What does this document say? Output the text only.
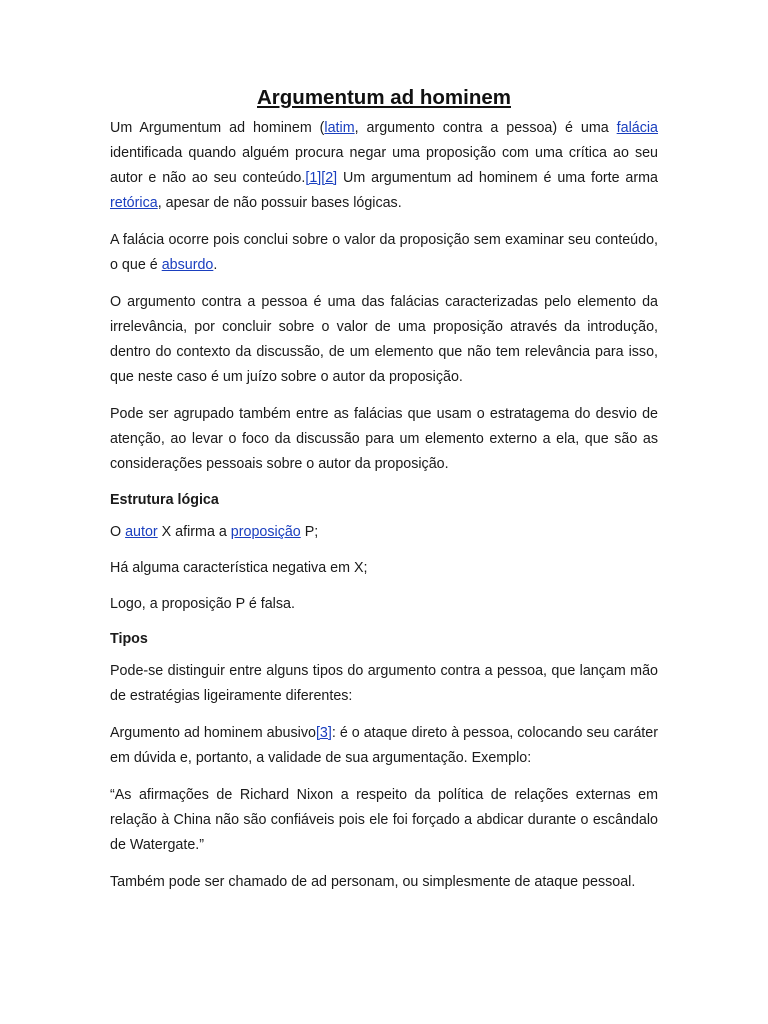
Argumentum ad hominem

Um Argumentum ad hominem (latim, argumento contra a pessoa) é uma falácia identificada quando alguém procura negar uma proposição com uma crítica ao seu autor e não ao seu conteúdo.[1][2] Um argumentum ad hominem é uma forte arma retórica, apesar de não possuir bases lógicas.

A falácia ocorre pois conclui sobre o valor da proposição sem examinar seu conteúdo, o que é absurdo.

O argumento contra a pessoa é uma das falácias caracterizadas pelo elemento da irrelevância, por concluir sobre o valor de uma proposição através da introdução, dentro do contexto da discussão, de um elemento que não tem relevância para isso, que neste caso é um juízo sobre o autor da proposição.

Pode ser agrupado também entre as falácias que usam o estratagema do desvio de atenção, ao levar o foco da discussão para um elemento externo a ela, que são as considerações pessoais sobre o autor da proposição.

Estrutura lógica

O autor X afirma a proposição P;

Há alguma característica negativa em X;

Logo, a proposição P é falsa.

Tipos

Pode-se distinguir entre alguns tipos do argumento contra a pessoa, que lançam mão de estratégias ligeiramente diferentes:

Argumento ad hominem abusivo[3]: é o ataque direto à pessoa, colocando seu caráter em dúvida e, portanto, a validade de sua argumentação. Exemplo:

“As afirmações de Richard Nixon a respeito da política de relações externas em relação à China não são confiáveis pois ele foi forçado a abdicar durante o escândalo de Watergate.”

Também pode ser chamado de ad personam, ou simplesmente de ataque pessoal.
